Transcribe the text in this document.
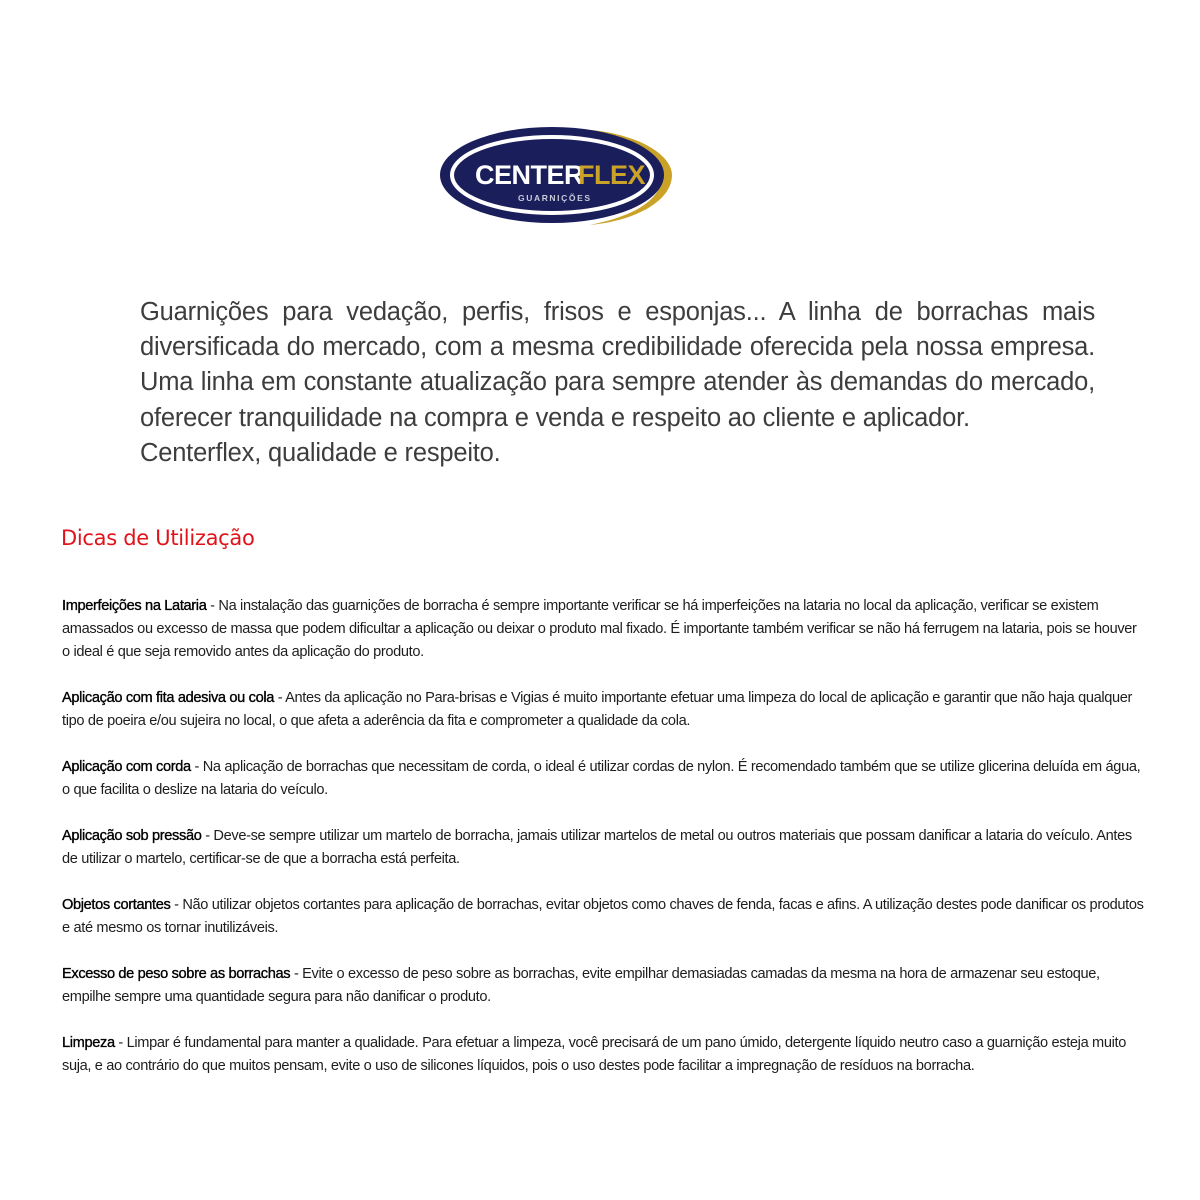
CENTER
FLEX
GUARNIÇÕES
Guarnições para vedação, perfis, frisos e esponjas... A linha de borrachas mais
diversificada do mercado, com a mesma credibilidade oferecida pela nossa empresa.
Uma linha em constante atualização para sempre atender às demandas do mercado,
oferecer tranquilidade na compra e venda e respeito ao cliente e aplicador.
Centerflex, qualidade e respeito.
Dicas de Utilização

Imperfeições na Lataria - Na instalação das guarnições de borracha é sempre importante verificar se há imperfeições na lataria no local da aplicação, verificar se existem amassados ou excesso de massa que podem dificultar a aplicação ou deixar o produto mal fixado. É importante também verificar se não há ferrugem na lataria, pois se houver o ideal é que seja removido antes da aplicação do produto.

Aplicação com fita adesiva ou cola - Antes da aplicação no Para-brisas e Vigias é muito importante efetuar uma limpeza do local de aplicação e garantir que não haja qualquer tipo de poeira e/ou sujeira no local, o que afeta a aderência da fita e comprometer a qualidade da cola.

Aplicação com corda - Na aplicação de borrachas que necessitam de corda, o ideal é utilizar cordas de nylon. É recomendado também que se utilize glicerina deluída em água, o que facilita o deslize na lataria do veículo.

Aplicação sob pressão - Deve-se sempre utilizar um martelo de borracha, jamais utilizar martelos de metal ou outros materiais que possam danificar a lataria do veículo. Antes de utilizar o martelo, certificar-se de que a borracha está perfeita.

Objetos cortantes - Não utilizar objetos cortantes para aplicação de borrachas, evitar objetos como chaves de fenda, facas e afins. A utilização destes pode danificar os produtos e até mesmo os tornar inutilizáveis.

Excesso de peso sobre as borrachas - Evite o excesso de peso sobre as borrachas, evite empilhar demasiadas camadas da mesma na hora de armazenar seu estoque, empilhe sempre uma quantidade segura para não danificar o produto.

Limpeza - Limpar é fundamental para manter a qualidade. Para efetuar a limpeza, você precisará de um pano úmido, detergente líquido neutro caso a guarnição esteja muito suja, e ao contrário do que muitos pensam, evite o uso de silicones líquidos, pois o uso destes pode facilitar a impregnação de resíduos na borracha.
